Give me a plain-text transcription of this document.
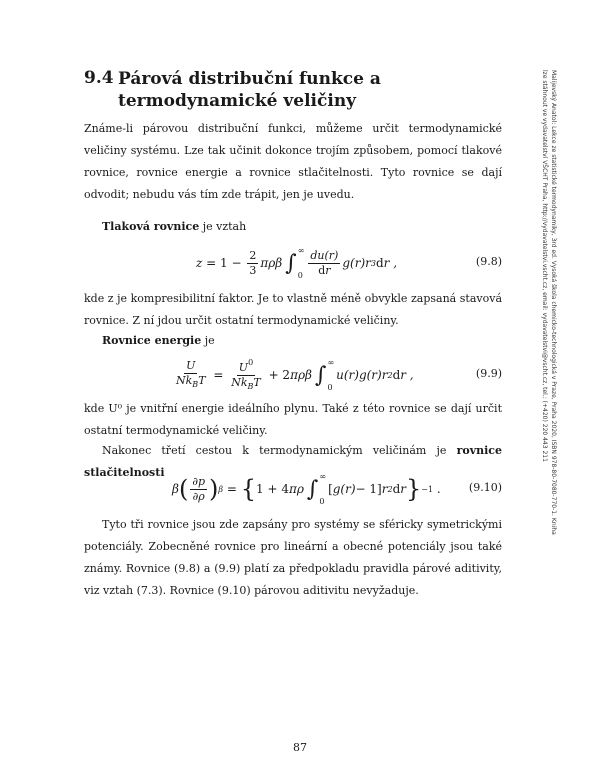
9.4 Párová distribuční funkce a termodynamické veličiny

Známe-li párovou distribuční funkci, můžeme určit termodynamické veličiny systému. Lze tak učinit dokonce trojím způsobem, pomocí tlakové rovnice, rovnice energie a rovnice stlačitelnosti. Tyto rovnice se dají odvodit; nebudu vás tím zde trápit, jen je uvedu.

Tlaková rovnice je vztah

$z = 1 - \frac{2}{3}$ πρβ ∫ ∞
$0 \frac{du(r)}{dr} g(r)r$ 3 d r ,	(9.8)

kde z je kompresibilitní faktor. Je to vlastně méně obvykle zapsaná stavová rovnice. Z ní jdou určit ostatní termodynamické veličiny.

Rovnice energie je

$\frac{U}{Nk_BT} = \frac{U^0}{Nk_BT} + 2$ πρβ ∫ ∞
0
u(r)g(r)r 2 d r ,	(9.9)

kde U⁰ je vnitřní energie ideálního plynu. Také z této rovnice se dají určit ostatní termodynamické veličiny.

Nakonec třetí cestou k termodynamickým veličinám je rovnice stlačitelnosti

β ( $\frac{\partial p}{\partial\rho}$ ) β = { 1 + 4 πρ ∫ ∞
0
[ g(r) − 1] r 2 d r } −1 .	(9.10)

Tyto tři rovnice jsou zde zapsány pro systémy se sféricky symetrickými potenciály. Zobecněné rovnice pro lineární a obecné potenciály jsou také známy. Rovnice (9.8) a (9.9) platí za předpokladu pravidla párové aditivity, viz vztah (7.3). Rovnice (9.10) párovou aditivitu nevyžaduje.

Malijevský Anatol: Lekce ze statistické termodynamiky, 3rd ed. Vysoká škola chemicko-technologická v Praze, Praha 2020, ISBN 978-80-7080-770-1. Kniha lze stáhnout ve vydavatelství VŠCHT Praha, http://vydavatelstvi.vscht.cz, email: vydavatelstvi@vscht.cz, tel.: (+420) 220 443 211
87
